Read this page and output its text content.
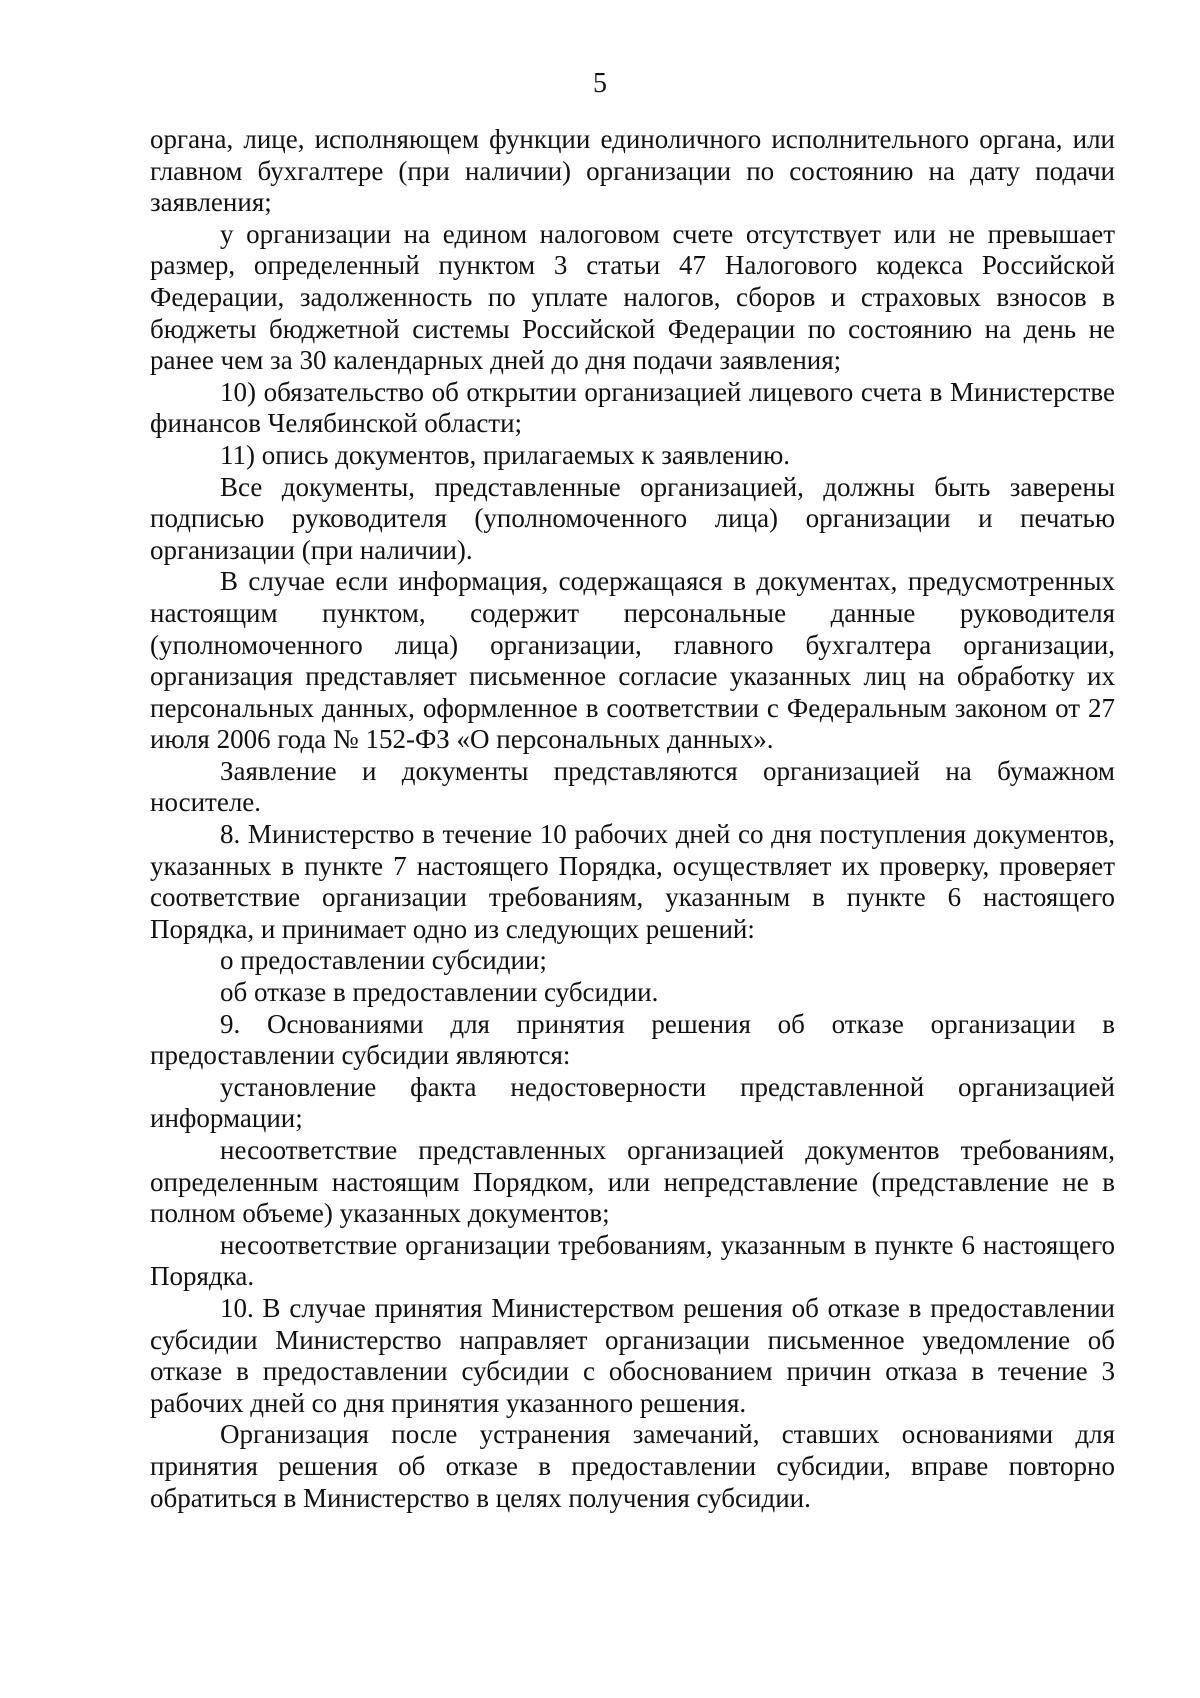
5

органа, лице, исполняющем функции единоличного исполнительного органа, или главном бухгалтере (при наличии) организации по состоянию на дату подачи заявления;

у организации на едином налоговом счете отсутствует или не превышает размер, определенный пунктом 3 статьи 47 Налогового кодекса Российской Федерации, задолженность по уплате налогов, сборов и страховых взносов в бюджеты бюджетной системы Российской Федерации по состоянию на день не ранее чем за 30 календарных дней до дня подачи заявления;

10) обязательство об открытии организацией лицевого счета в Министерстве финансов Челябинской области;

11) опись документов, прилагаемых к заявлению.

Все документы, представленные организацией, должны быть заверены подписью руководителя (уполномоченного лица) организации и печатью организации (при наличии).

В случае если информация, содержащаяся в документах, предусмотренных настоящим пунктом, содержит персональные данные руководителя (уполномоченного лица) организации, главного бухгалтера организации, организация представляет письменное согласие указанных лиц на обработку их персональных данных, оформленное в соответствии с Федеральным законом от 27 июля 2006 года № 152-ФЗ «О персональных данных».

Заявление и документы представляются организацией на бумажном носителе.

8. Министерство в течение 10 рабочих дней со дня поступления документов, указанных в пункте 7 настоящего Порядка, осуществляет их проверку, проверяет соответствие организации требованиям, указанным в пункте 6 настоящего Порядка, и принимает одно из следующих решений:

о предоставлении субсидии;

об отказе в предоставлении субсидии.

9. Основаниями для принятия решения об отказе организации в предоставлении субсидии являются:

установление факта недостоверности представленной организацией информации;

несоответствие представленных организацией документов требованиям, определенным настоящим Порядком, или непредставление (представление не в полном объеме) указанных документов;

несоответствие организации требованиям, указанным в пункте 6 настоящего Порядка.

10. В случае принятия Министерством решения об отказе в предоставлении субсидии Министерство направляет организации письменное уведомление об отказе в предоставлении субсидии с обоснованием причин отказа в течение 3 рабочих дней со дня принятия указанного решения.

Организация после устранения замечаний, ставших основаниями для принятия решения об отказе в предоставлении субсидии, вправе повторно обратиться в Министерство в целях получения субсидии.
